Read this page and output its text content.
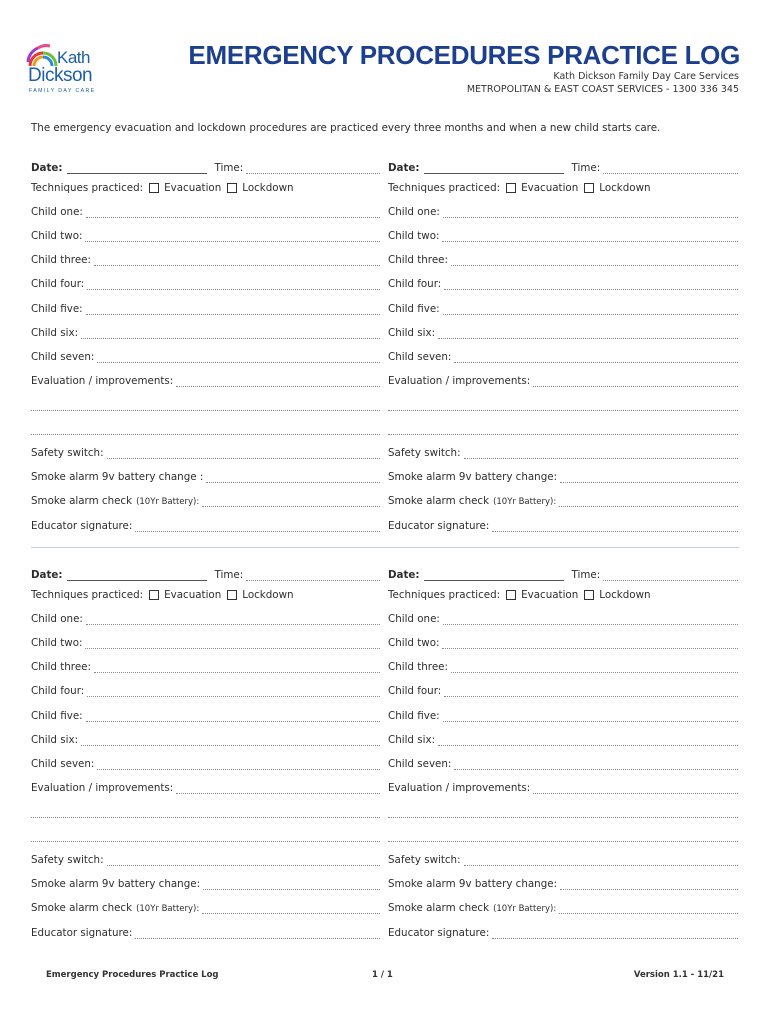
Kath
Dickson
FAMILY DAY CARE
EMERGENCY PROCEDURES PRACTICE LOG
Kath Dickson Family Day Care Services
METROPOLITAN & EAST COAST SERVICES - 1300 336 345
The emergency evacuation and lockdown procedures are practiced every three months and when a new child starts care.
Date:	Time:
Techniques practiced: Evacuation Lockdown
Child one:
Child two:
Child three:
Child four:
Child five:
Child six:
Child seven:
Evaluation / improvements:
Safety switch:
Smoke alarm 9v battery change :
Smoke alarm check (10Yr Battery):
Educator signature:
Date:	Time:
Techniques practiced: Evacuation Lockdown
Child one:
Child two:
Child three:
Child four:
Child five:
Child six:
Child seven:
Evaluation / improvements:
Safety switch:
Smoke alarm 9v battery change:
Smoke alarm check (10Yr Battery):
Educator signature:
Date:	Time:
Techniques practiced: Evacuation Lockdown
Child one:
Child two:
Child three:
Child four:
Child five:
Child six:
Child seven:
Evaluation / improvements:
Safety switch:
Smoke alarm 9v battery change:
Smoke alarm check (10Yr Battery):
Educator signature:
Date:	Time:
Techniques practiced: Evacuation Lockdown
Child one:
Child two:
Child three:
Child four:
Child five:
Child six:
Child seven:
Evaluation / improvements:
Safety switch:
Smoke alarm 9v battery change:
Smoke alarm check (10Yr Battery):
Educator signature:
Emergency Procedures Practice Log	1 / 1	Version 1.1 - 11/21
